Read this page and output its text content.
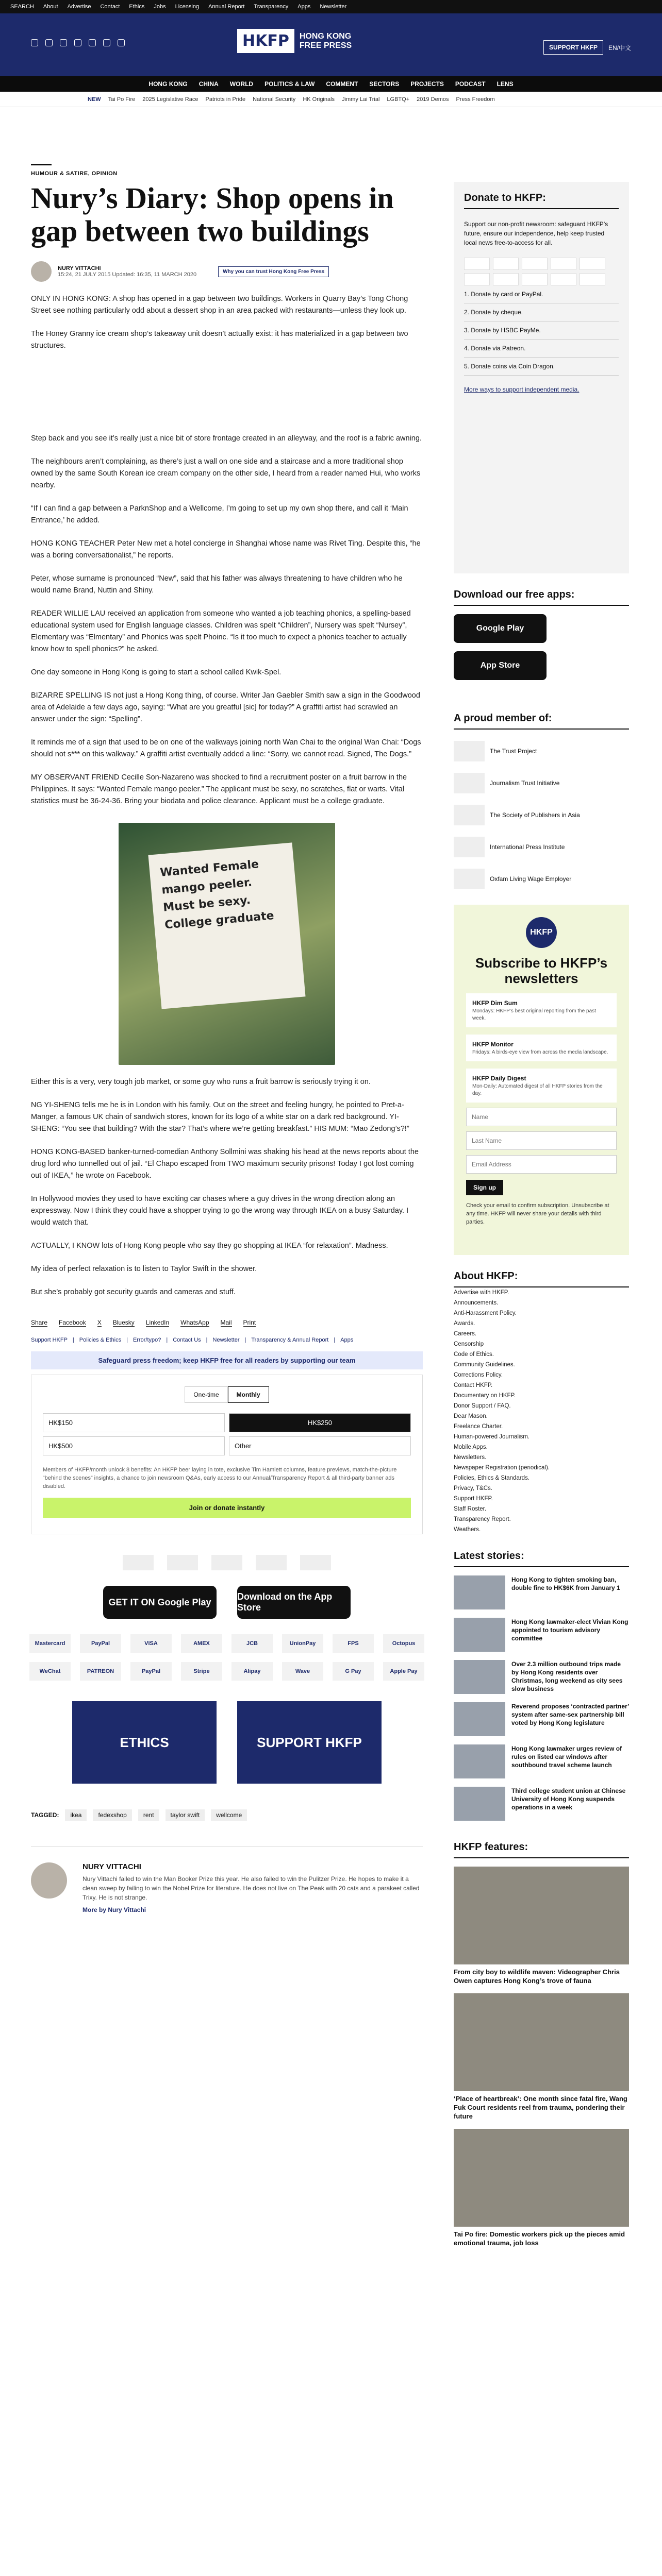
SEARCH About Advertise Contact Ethics Jobs Licensing Annual Report Transparency Apps Newsletter
HKFP	HONG KONG FREE PRESS	SUPPORT HKFP	EN/中文
HONG KONG CHINA WORLD POLITICS & LAW COMMENT SECTORS PROJECTS PODCAST LENS
NEW Tai Po Fire 2025 Legislative Race Patriots in Pride National Security HK Originals Jimmy Lai Trial LGBTQ+ 2019 Demos Press Freedom
HUMOUR & SATIRE, OPINION
Nury’s Diary: Shop opens in gap between two buildings
NURY VITTACHI
15:24, 21 JULY 2015 Updated: 16:35, 11 MARCH 2020	Why you can trust Hong Kong Free Press

ONLY IN HONG KONG: A shop has opened in a gap between two buildings. Workers in Quarry Bay’s Tong Chong Street see nothing particularly odd about a dessert shop in an area packed with restaurants—unless they look up.

The Honey Granny ice cream shop’s takeaway unit doesn’t actually exist: it has materialized in a gap between two structures.

Step back and you see it’s really just a nice bit of store frontage created in an alleyway, and the roof is a fabric awning.

The neighbours aren’t complaining, as there’s just a wall on one side and a staircase and a more traditional shop owned by the same South Korean ice cream company on the other side, I heard from a reader named Hui, who works nearby.

“If I can find a gap between a ParknShop and a Wellcome, I’m going to set up my own shop there, and call it ‘Main Entrance,’ he added.

HONG KONG TEACHER Peter New met a hotel concierge in Shanghai whose name was Rivet Ting. Despite this, “he was a boring conversationalist,” he reports.

Peter, whose surname is pronounced “New”, said that his father was always threatening to have children who he would name Brand, Nuttin and Shiny.

READER WILLIE LAU received an application from someone who wanted a job teaching phonics, a spelling-based educational system used for English language classes. Children was spelt “Children”, Nursery was spelt “Nursey”, Elementary was “Elmentary” and Phonics was spelt Phoinc. “Is it too much to expect a phonics teacher to actually know how to spell phonics?” he asked.

One day someone in Hong Kong is going to start a school called Kwik-Spel.

BIZARRE SPELLING IS not just a Hong Kong thing, of course. Writer Jan Gaebler Smith saw a sign in the Goodwood area of Adelaide a few days ago, saying: “What are you greatful [sic] for today?” A graffiti artist had scrawled an answer under the sign: “Spelling”.

It reminds me of a sign that used to be on one of the walkways joining north Wan Chai to the original Wan Chai: “Dogs should not s*** on this walkway.” A graffiti artist eventually added a line: “Sorry, we cannot read. Signed, The Dogs.”

MY OBSERVANT FRIEND Cecille Son-Nazareno was shocked to find a recruitment poster on a fruit barrow in the Philippines. It says: “Wanted Female mango peeler.” The applicant must be sexy, no scratches, flat or warts. Vital statistics must be 36-24-36. Bring your biodata and police clearance. Applicant must be a college graduate.

Wanted Female mango peeler. Must be sexy. College graduate

Either this is a very, very tough job market, or some guy who runs a fruit barrow is seriously trying it on.

NG YI-SHENG tells me he is in London with his family. Out on the street and feeling hungry, he pointed to Pret-a-Manger, a famous UK chain of sandwich stores, known for its logo of a white star on a dark red background. YI-SHENG: “You see that building? With the star? That’s where we’re getting breakfast.” HIS MUM: “Mao Zedong’s?!”

HONG KONG-BASED banker-turned-comedian Anthony Sollmini was shaking his head at the news reports about the drug lord who tunnelled out of jail. “El Chapo escaped from TWO maximum security prisons! Today I got lost coming out of IKEA,” he wrote on Facebook.

In Hollywood movies they used to have exciting car chases where a guy drives in the wrong direction along an expressway. Now I think they could have a shopper trying to go the wrong way through IKEA on a busy Saturday. I would watch that.

ACTUALLY, I KNOW lots of Hong Kong people who say they go shopping at IKEA “for relaxation”. Madness.

My idea of perfect relaxation is to listen to Taylor Swift in the shower.

But she’s probably got security guards and cameras and stuff.

Share Facebook X Bluesky LinkedIn WhatsApp Mail Print
Support HKFP | Policies & Ethics | Error/typo? | Contact Us | Newsletter | Transparency & Annual Report | Apps
Safeguard press freedom; keep HKFP free for all readers by supporting our team
One-time	Monthly
HK$150	HK$250
HK$500	Other
Members of HKFP/month unlock 8 benefits: An HKFP beer laying in tote, exclusive Tim Hamlett columns, feature previews, match-the-picture “behind the scenes” insights, a chance to join newsroom Q&As, early access to our Annual/Transparency Report & all third-party banner ads disabled.
Join or donate instantly
GET IT ON Google Play
Download on the App Store
Mastercard	PayPal	VISA	AMEX	JCB	UnionPay	FPS	Octopus
WeChat	PATREON	PayPal	Stripe	Alipay	Wave	G Pay	Apple Pay
ETHICS	SUPPORT HKFP
TAGGED:	ikea	fedexshop	rent	taylor swift	wellcome
NURY VITTACHI

Nury Vittachi failed to win the Man Booker Prize this year. He also failed to win the Pulitzer Prize. He hopes to make it a clean sweep by failing to win the Nobel Prize for literature. He does not live on The Peak with 20 cats and a parakeet called Trixy. He is not strange.

More by Nury Vittachi

Donate to HKFP:
Support our non-profit newsroom: safeguard HKFP’s future, ensure our independence, help keep trusted local news free-to-access for all.
1. Donate by card or PayPal.
2. Donate by cheque.
3. Donate by HSBC PayMe.
4. Donate via Patreon.
5. Donate coins via Coin Dragon.
More ways to support independent media.
Download our free apps:
Google Play
App Store
A proud member of:
The Trust Project
Journalism Trust Initiative
The Society of Publishers in Asia
International Press Institute
Oxfam Living Wage Employer
HKFP
Subscribe to HKFP’s newsletters
HKFP Dim Sum
Mondays: HKFP’s best original reporting from the past week.
HKFP Monitor
Fridays: A birds-eye view from across the media landscape.
HKFP Daily Digest
Mon-Daily: Automated digest of all HKFP stories from the day.
Name
Last Name
Email Address
Sign up

Check your email to confirm subscription. Unsubscribe at any time. HKFP will never share your details with third parties.

About HKFP:
Advertise with HKFP.
Announcements.
Anti-Harassment Policy.
Awards.
Careers.
Censorship
Code of Ethics.
Community Guidelines.
Corrections Policy.
Contact HKFP.
Documentary on HKFP.
Donor Support / FAQ.
Dear Mason.
Freelance Charter.
Human-powered Journalism.
Mobile Apps.
Newsletters.
Newspaper Registration (periodical).
Policies, Ethics & Standards.
Privacy, T&Cs.
Support HKFP.
Staff Roster.
Transparency Report.
Weathers.
Latest stories:
Hong Kong to tighten smoking ban, double fine to HK$6K from January 1
Hong Kong lawmaker-elect Vivian Kong appointed to tourism advisory committee
Over 2.3 million outbound trips made by Hong Kong residents over Christmas, long weekend as city sees slow business
Reverend proposes ‘contracted partner’ system after same-sex partnership bill voted by Hong Kong legislature
Hong Kong lawmaker urges review of rules on listed car windows after southbound travel scheme launch
Third college student union at Chinese University of Hong Kong suspends operations in a week
HKFP features:
From city boy to wildlife maven: Videographer Chris Owen captures Hong Kong’s trove of fauna
‘Place of heartbreak’: One month since fatal fire, Wang Fuk Court residents reel from trauma, pondering their future
Tai Po fire: Domestic workers pick up the pieces amid emotional trauma, job loss
